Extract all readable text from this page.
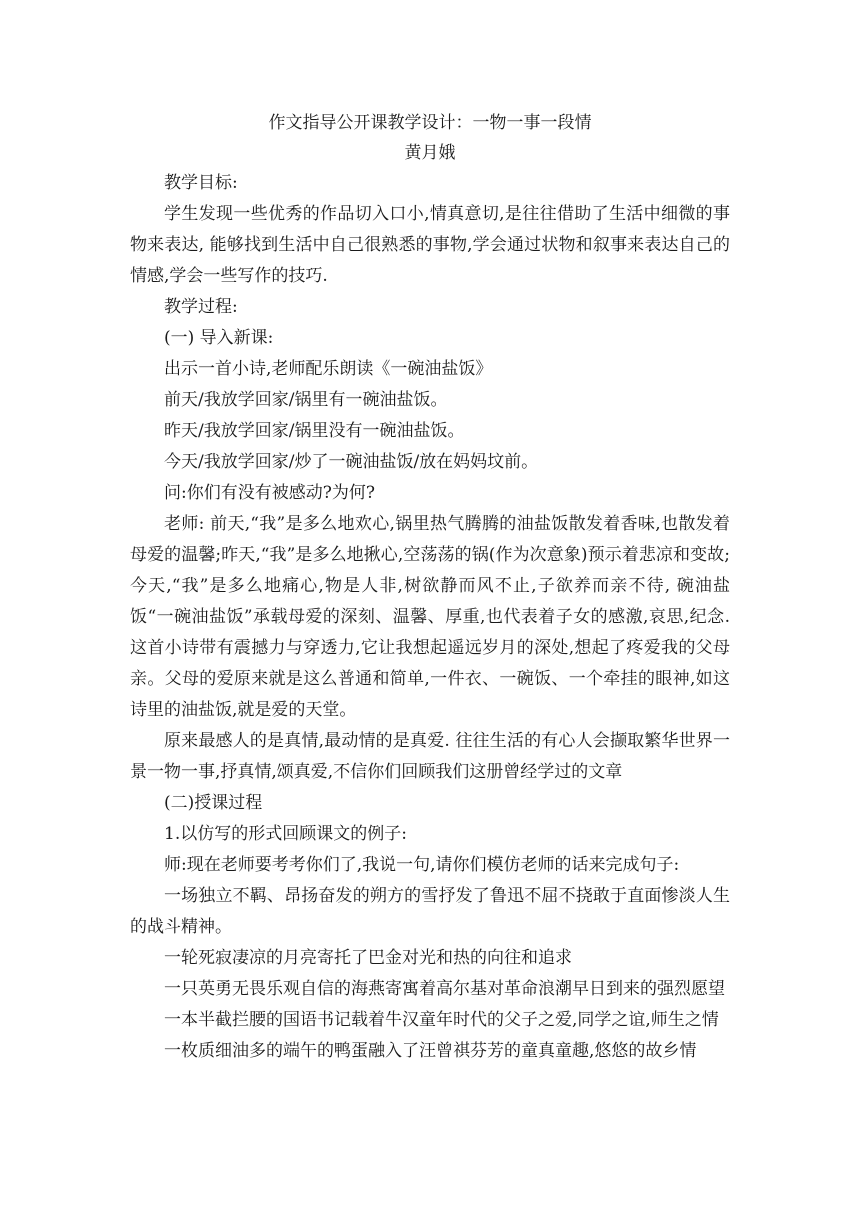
作文指导公开课教学设计：一物一事一段情

黄月娥

教学目标:

学生发现一些优秀的作品切入口小,情真意切,是往往借助了生活中细微的事物来表达, 能够找到生活中自己很熟悉的事物,学会通过状物和叙事来表达自己的情感,学会一些写作的技巧.

教学过程:

(一) 导入新课:

出示一首小诗,老师配乐朗读《一碗油盐饭》

前天/我放学回家/锅里有一碗油盐饭。

昨天/我放学回家/锅里没有一碗油盐饭。

今天/我放学回家/炒了一碗油盐饭/放在妈妈坟前。

问:你们有没有被感动?为何?

老师: 前天,“我”是多么地欢心,锅里热气腾腾的油盐饭散发着香味,也散发着母爱的温馨;昨天,“我”是多么地揪心,空荡荡的锅(作为次意象)预示着悲凉和变故;今天,“我”是多么地痛心,物是人非,树欲静而风不止,子欲养而亲不待, 碗油盐饭“一碗油盐饭”承载母爱的深刻、温馨、厚重,也代表着子女的感激,哀思,纪念. 这首小诗带有震撼力与穿透力,它让我想起遥远岁月的深处,想起了疼爱我的父母亲。父母的爱原来就是这么普通和简单,一件衣、一碗饭、一个牵挂的眼神,如这诗里的油盐饭,就是爱的天堂。

原来最感人的是真情,最动情的是真爱. 往往生活的有心人会撷取繁华世界一景一物一事,抒真情,颂真爱,不信你们回顾我们这册曾经学过的文章

(二)授课过程

1.以仿写的形式回顾课文的例子:

师:现在老师要考考你们了,我说一句,请你们模仿老师的话来完成句子:

一场独立不羁、昂扬奋发的朔方的雪抒发了鲁迅不屈不挠敢于直面惨淡人生的战斗精神。

一轮死寂凄凉的月亮寄托了巴金对光和热的向往和追求

一只英勇无畏乐观自信的海燕寄寓着高尔基对革命浪潮早日到来的强烈愿望

一本半截拦腰的国语书记载着牛汉童年时代的父子之爱,同学之谊,师生之情

一枚质细油多的端午的鸭蛋融入了汪曾祺芬芳的童真童趣,悠悠的故乡情
